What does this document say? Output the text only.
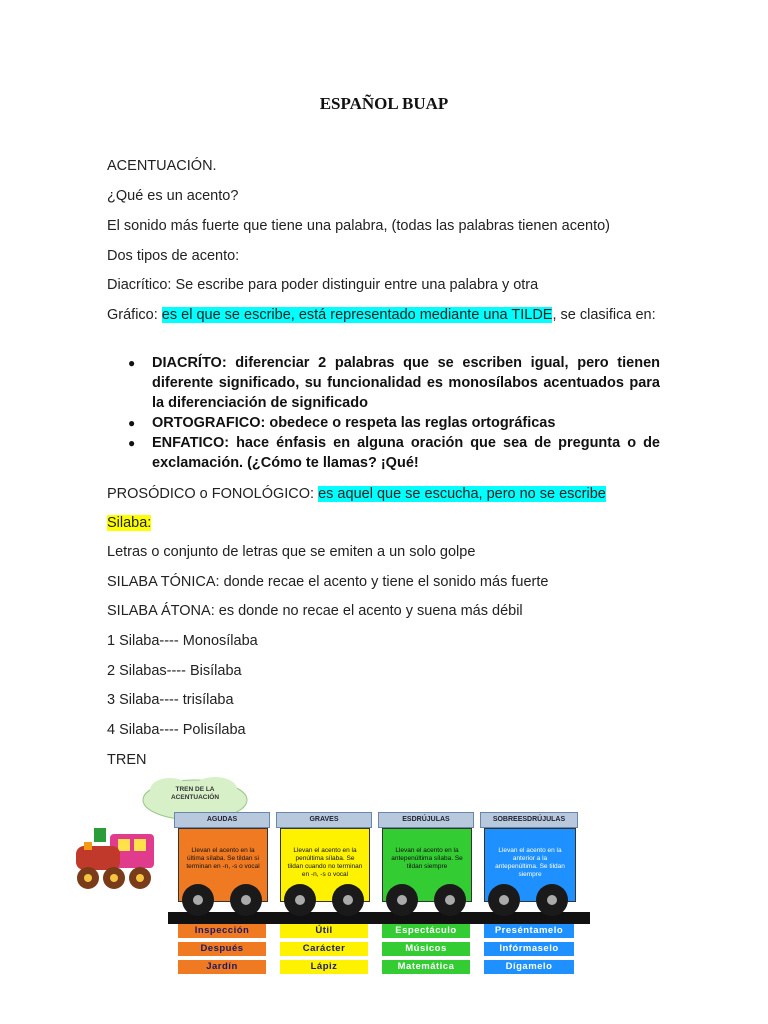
ESPAÑOL BUAP
ACENTUACIÓN.
¿Qué es un acento?
El sonido más fuerte que tiene una palabra, (todas las palabras tienen acento)
Dos tipos de acento:
Diacrítico: Se escribe para poder distinguir entre una palabra y otra
Gráfico: es el que se escribe, está representado mediante una TILDE, se clasifica en:
● DIACRÍTO: diferenciar 2 palabras que se escriben igual, pero tienen diferente significado, su funcionalidad es monosílabos acentuados para la diferenciación de significado
● ORTOGRAFICO: obedece o respeta las reglas ortográficas
● ENFATICO: hace énfasis en alguna oración que sea de pregunta o de exclamación. (¿Cómo te llamas? ¡Qué!
PROSÓDICO o FONOLÓGICO: es aquel que se escucha, pero no se escribe
Silaba:
Letras o conjunto de letras que se emiten a un solo golpe
SILABA TÓNICA: donde recae el acento y tiene el sonido más fuerte
SILABA ÁTONA: es donde no recae el acento y suena más débil
1 Silaba---- Monosílaba
2 Silabas---- Bisílaba
3 Silaba---- trisílaba
4 Silaba---- Polisílaba
TREN
TREN DE LA ACENTUACIÓN
AGUDAS
Llevan el acento en la última sílaba. Se tildan si terminan en -n, -s o vocal
Inspección
Después
Jardín
GRAVES
Llevan el acento en la penúltima sílaba. Se tildan cuando no terminan en -n, -s o vocal
Útil
Carácter
Lápiz
ESDRÚJULAS
Llevan el acento en la antepenúltima sílaba. Se tildan siempre
Espectáculo
Músicos
Matemática
SOBREESDRÚJULAS
Llevan el acento en la anterior a la antepenúltima. Se tildan siempre
Preséntamelo
Infórmaselo
Dígamelo
